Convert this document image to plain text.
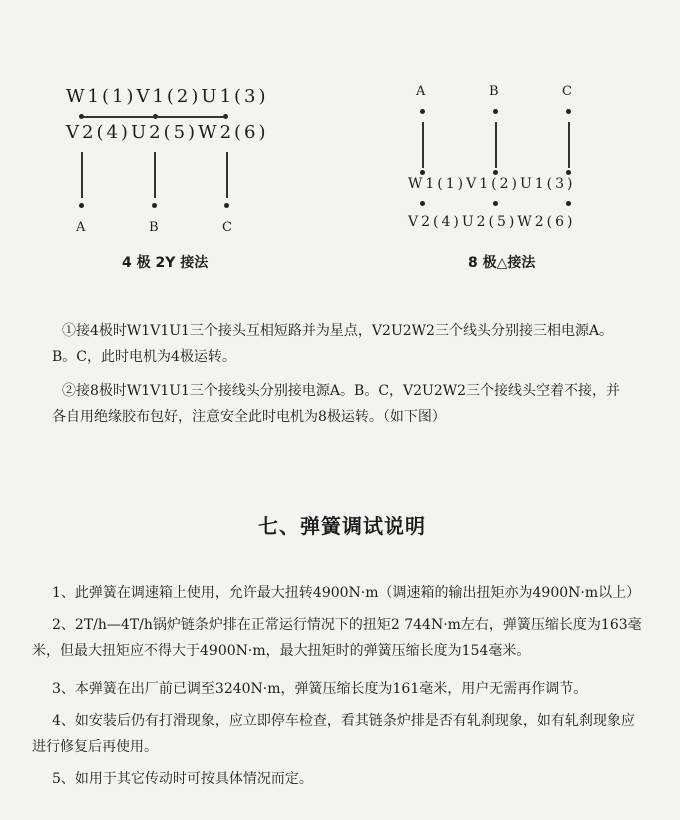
W1(1)V1(2)U1(3)
V2(4)U2(5)W2(6)
A	B	C
4 极 2Y 接法
A	B	C
W1(1)V1(2)U1(3)
V2(4)U2(5)W2(6)
8 极△接法
①接4极时W1V1U1三个接头互相短路并为星点，V2U2W2三个线头分别接三相电源A。B。C，此时电机为4极运转。
②接8极时W1V1U1三个接线头分别接电源A。B。C，V2U2W2三个接线头空着不接，并各自用绝缘胶布包好，注意安全此时电机为8极运转。（如下图）
七、弹簧调试说明
1、此弹簧在调速箱上使用，允许最大扭转4900N·m（调速箱的输出扭矩亦为4900N·m以上）
2、2T/h—4T/h锅炉链条炉排在正常运行情况下的扭矩2 744N·m左右，弹簧压缩长度为163毫米，但最大扭矩应不得大于4900N·m，最大扭矩时的弹簧压缩长度为154毫米。
3、本弹簧在出厂前已调至3240N·m，弹簧压缩长度为161毫米，用户无需再作调节。
4、如安装后仍有打滑现象，应立即停车检查，看其链条炉排是否有轧刹现象，如有轧刹现象应进行修复后再使用。
5、如用于其它传动时可按具体情况而定。
